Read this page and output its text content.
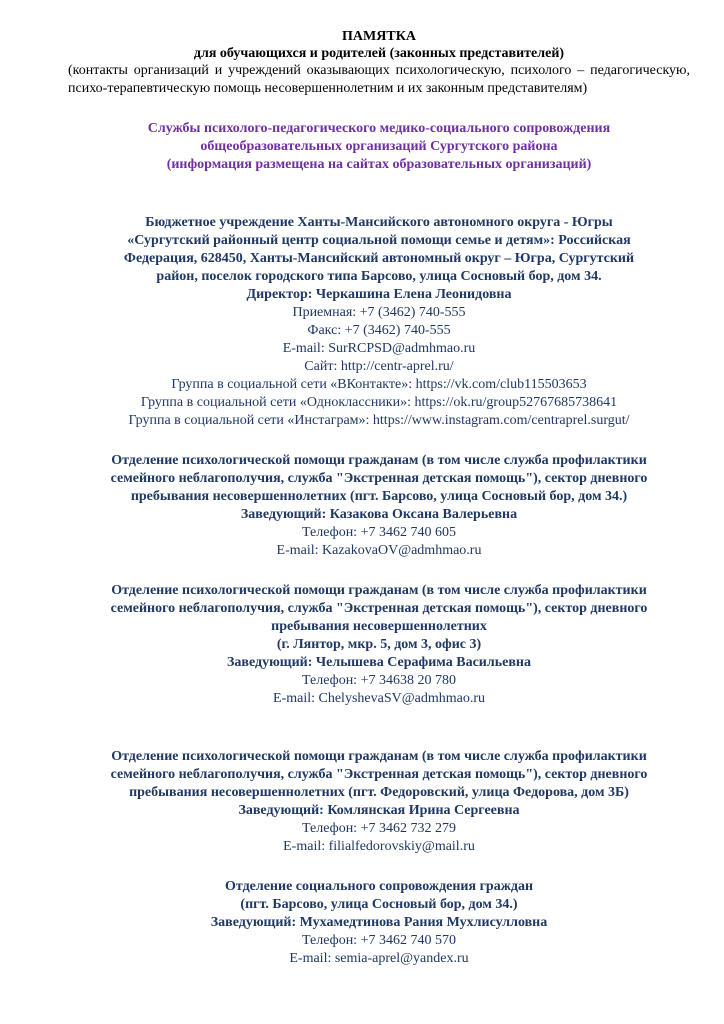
ПАМЯТКА
для обучающихся и родителей (законных представителей)
(контакты организаций и учреждений оказывающих психологическую, психолого – педагогическую, психо-терапевтическую помощь несовершеннолетним и их законным представителям)
Службы психолого-педагогического медико-социального сопровождения
общеобразовательных организаций Сургутского района
(информация размещена на сайтах образовательных организаций)
Бюджетное учреждение Ханты-Мансийского автономного округа - Югры
«Сургутский районный центр социальной помощи семье и детям»: Российская
Федерация, 628450, Ханты-Мансийский автономный округ – Югра, Сургутский
район, поселок городского типа Барсово, улица Сосновый бор, дом 34.
Директор: Черкашина Елена Леонидовна
Приемная: +7 (3462) 740-555
Факс: +7 (3462) 740-555
E-mail: SurRCPSD@admhmao.ru
Сайт: http://centr-aprel.ru/
Группа в социальной сети «ВКонтакте»: https://vk.com/club115503653
Группа в социальной сети «Одноклассники»: https://ok.ru/group52767685738641
Группа в социальной сети «Инстаграм»: https://www.instagram.com/centraprel.surgut/
Отделение психологической помощи гражданам (в том числе служба профилактики
семейного неблагополучия, служба "Экстренная детская помощь"), сектор дневного
пребывания несовершеннолетних (пгт. Барсово, улица Сосновый бор, дом 34.)
Заведующий: Казакова Оксана Валерьевна
Телефон: +7 3462 740 605
E-mail: KazakovaOV@admhmao.ru
Отделение психологической помощи гражданам (в том числе служба профилактики
семейного неблагополучия, служба "Экстренная детская помощь"), сектор дневного
пребывания несовершеннолетних
(г. Лянтор, мкр. 5, дом 3, офис 3)
Заведующий: Челышева Серафима Васильевна
Телефон: +7 34638 20 780
E-mail: ChelyshevaSV@admhmao.ru
Отделение психологической помощи гражданам (в том числе служба профилактики
семейного неблагополучия, служба "Экстренная детская помощь"), сектор дневного
пребывания несовершеннолетних (пгт. Федоровский, улица Федорова, дом 3Б)
Заведующий: Комлянская Ирина Сергеевна
Телефон: +7 3462 732 279
E-mail: filialfedorovskiy@mail.ru
Отделение социального сопровождения граждан
(пгт. Барсово, улица Сосновый бор, дом 34.)
Заведующий: Мухамедтинова Рания Мухлисулловна
Телефон: +7 3462 740 570
E-mail: semia-aprel@yandex.ru
